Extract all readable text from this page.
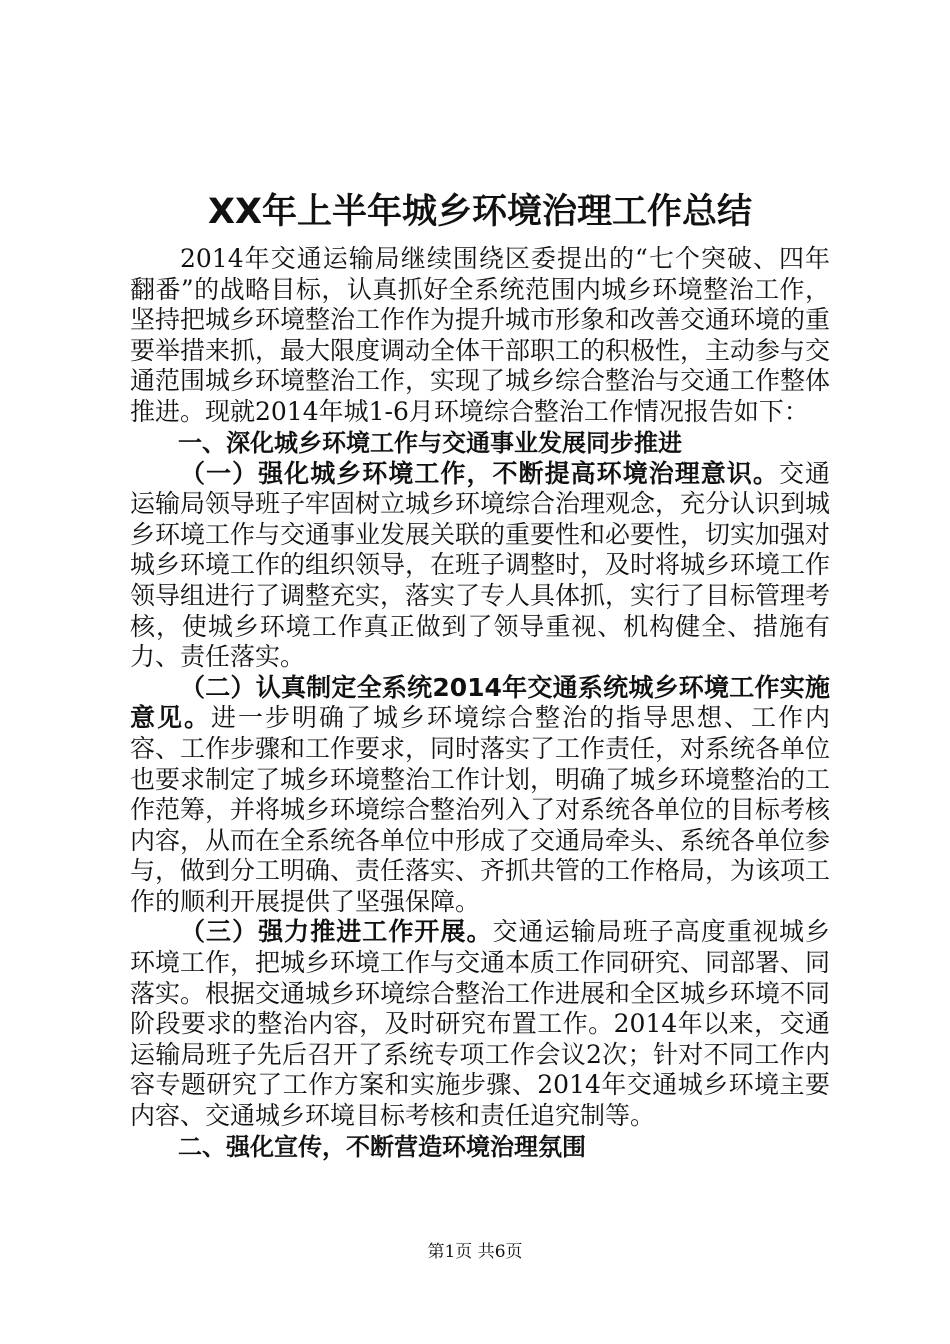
XX年上半年城乡环境治理工作总结

2014年交通运输局继续围绕区委提出的“七个突破、四年翻番”的战略目标，认真抓好全系统范围内城乡环境整治工作，坚持把城乡环境整治工作作为提升城市形象和改善交通环境的重要举措来抓，最大限度调动全体干部职工的积极性，主动参与交通范围城乡环境整治工作，实现了城乡综合整治与交通工作整体推进。现就2014年城1-6月环境综合整治工作情况报告如下：

一、深化城乡环境工作与交通事业发展同步推进

（一）强化城乡环境工作，不断提高环境治理意识。交通运输局领导班子牢固树立城乡环境综合治理观念，充分认识到城乡环境工作与交通事业发展关联的重要性和必要性，切实加强对城乡环境工作的组织领导，在班子调整时，及时将城乡环境工作领导组进行了调整充实，落实了专人具体抓，实行了目标管理考核，使城乡环境工作真正做到了领导重视、机构健全、措施有力、责任落实。

（二）认真制定全系统2014年交通系统城乡环境工作实施意见。进一步明确了城乡环境综合整治的指导思想、工作内容、工作步骤和工作要求，同时落实了工作责任，对系统各单位也要求制定了城乡环境整治工作计划，明确了城乡环境整治的工作范筹，并将城乡环境综合整治列入了对系统各单位的目标考核内容，从而在全系统各单位中形成了交通局牵头、系统各单位参与，做到分工明确、责任落实、齐抓共管的工作格局，为该项工作的顺利开展提供了坚强保障。

（三）强力推进工作开展。交通运输局班子高度重视城乡环境工作，把城乡环境工作与交通本质工作同研究、同部署、同落实。根据交通城乡环境综合整治工作进展和全区城乡环境不同阶段要求的整治内容，及时研究布置工作。2014年以来，交通运输局班子先后召开了系统专项工作会议2次；针对不同工作内容专题研究了工作方案和实施步骤、2014年交通城乡环境主要内容、交通城乡环境目标考核和责任追究制等。

二、强化宣传，不断营造环境治理氛围

第1页 共6页
